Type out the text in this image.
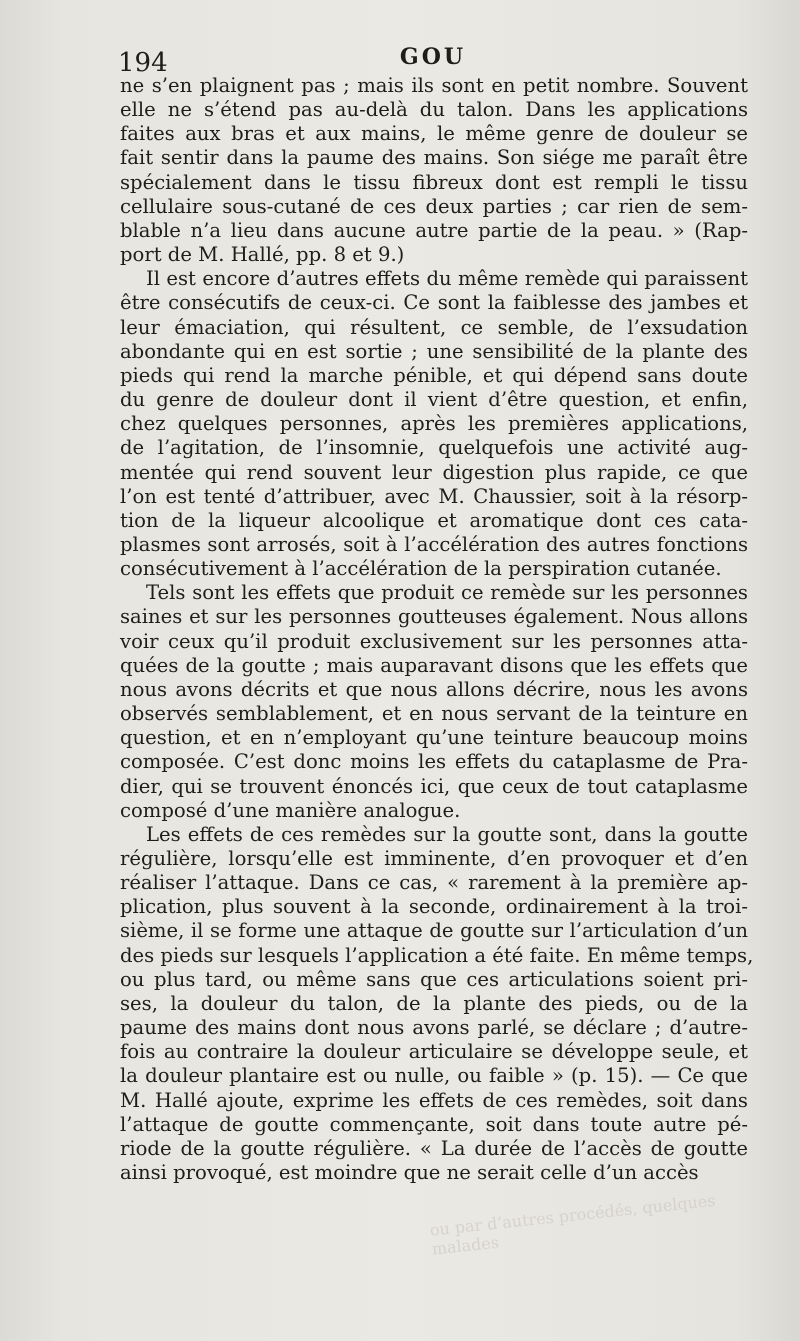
194	GOU

ne s’en plaignent pas ; mais ils sont en petit nombre. Souvent
elle ne s’étend pas au-delà du talon. Dans les applications
faites aux bras et aux mains, le même genre de douleur se
fait sentir dans la paume des mains. Son siége me paraît être
spécialement dans le tissu fibreux dont est rempli le tissu
cellulaire sous-cutané de ces deux parties ; car rien de sem-
blable n’a lieu dans aucune autre partie de la peau. » (Rap-
port de M. Hallé, pp. 8 et 9.)

Il est encore d’autres effets du même remède qui paraissent
être consécutifs de ceux-ci. Ce sont la faiblesse des jambes et
leur émaciation, qui résultent, ce semble, de l’exsudation
abondante qui en est sortie ; une sensibilité de la plante des
pieds qui rend la marche pénible, et qui dépend sans doute
du genre de douleur dont il vient d’être question, et enfin,
chez quelques personnes, après les premières applications,
de l’agitation, de l’insomnie, quelquefois une activité aug-
mentée qui rend souvent leur digestion plus rapide, ce que
l’on est tenté d’attribuer, avec M. Chaussier, soit à la résorp-
tion de la liqueur alcoolique et aromatique dont ces cata-
plasmes sont arrosés, soit à l’accélération des autres fonctions
consécutivement à l’accélération de la perspiration cutanée.

Tels sont les effets que produit ce remède sur les personnes
saines et sur les personnes goutteuses également. Nous allons
voir ceux qu’il produit exclusivement sur les personnes atta-
quées de la goutte ; mais auparavant disons que les effets que
nous avons décrits et que nous allons décrire, nous les avons
observés semblablement, et en nous servant de la teinture en
question, et en n’employant qu’une teinture beaucoup moins
composée. C’est donc moins les effets du cataplasme de Pra-
dier, qui se trouvent énoncés ici, que ceux de tout cataplasme
composé d’une manière analogue.

Les effets de ces remèdes sur la goutte sont, dans la goutte
régulière, lorsqu’elle est imminente, d’en provoquer et d’en
réaliser l’attaque. Dans ce cas, « rarement à la première ap-
plication, plus souvent à la seconde, ordinairement à la troi-
sième, il se forme une attaque de goutte sur l’articulation d’un
des pieds sur lesquels l’application a été faite. En même temps,
ou plus tard, ou même sans que ces articulations soient pri-
ses, la douleur du talon, de la plante des pieds, ou de la
paume des mains dont nous avons parlé, se déclare ; d’autre-
fois au contraire la douleur articulaire se développe seule, et
la douleur plantaire est ou nulle, ou faible » (p. 15). — Ce que
M. Hallé ajoute, exprime les effets de ces remèdes, soit dans
l’attaque de goutte commençante, soit dans toute autre pé-
riode de la goutte régulière. « La durée de l’accès de goutte
ainsi provoqué, est moindre que ne serait celle d’un accès

ou par d’autres procédés, quelques malades
